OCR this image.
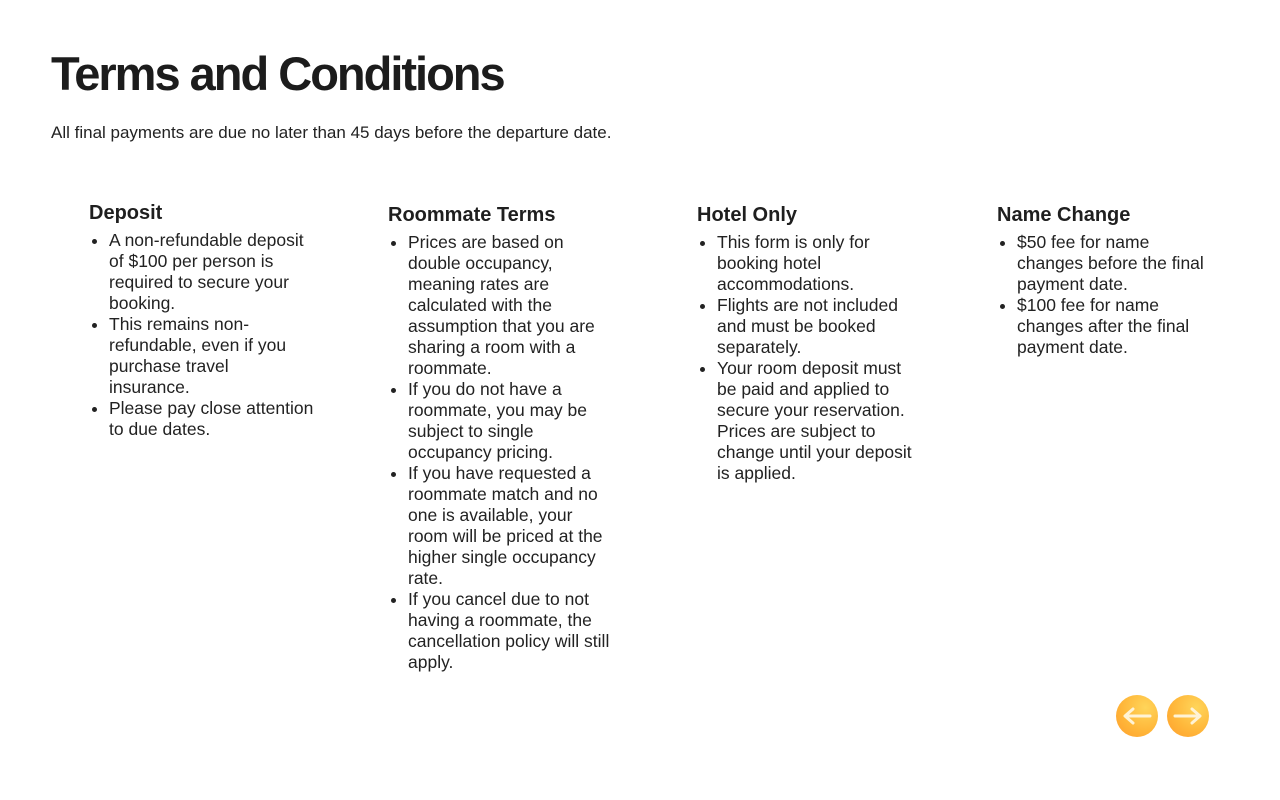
Terms and Conditions

All final payments are due no later than 45 days before the departure date.

Deposit
• A non-refundable deposit of $100 per person is required to secure your booking.
• This remains non-refundable, even if you purchase travel insurance.
• Please pay close attention to due dates.
Roommate Terms
• Prices are based on double occupancy, meaning rates are calculated with the assumption that you are sharing a room with a roommate.
• If you do not have a roommate, you may be subject to single occupancy pricing.
• If you have requested a roommate match and no one is available, your room will be priced at the higher single occupancy rate.
• If you cancel due to not having a roommate, the cancellation policy will still apply.
Hotel Only
• This form is only for booking hotel accommodations.
• Flights are not included and must be booked separately.
• Your room deposit must be paid and applied to secure your reservation. Prices are subject to change until your deposit is applied.
Name Change
• $50 fee for name changes before the final payment date.
• $100 fee for name changes after the final payment date.
